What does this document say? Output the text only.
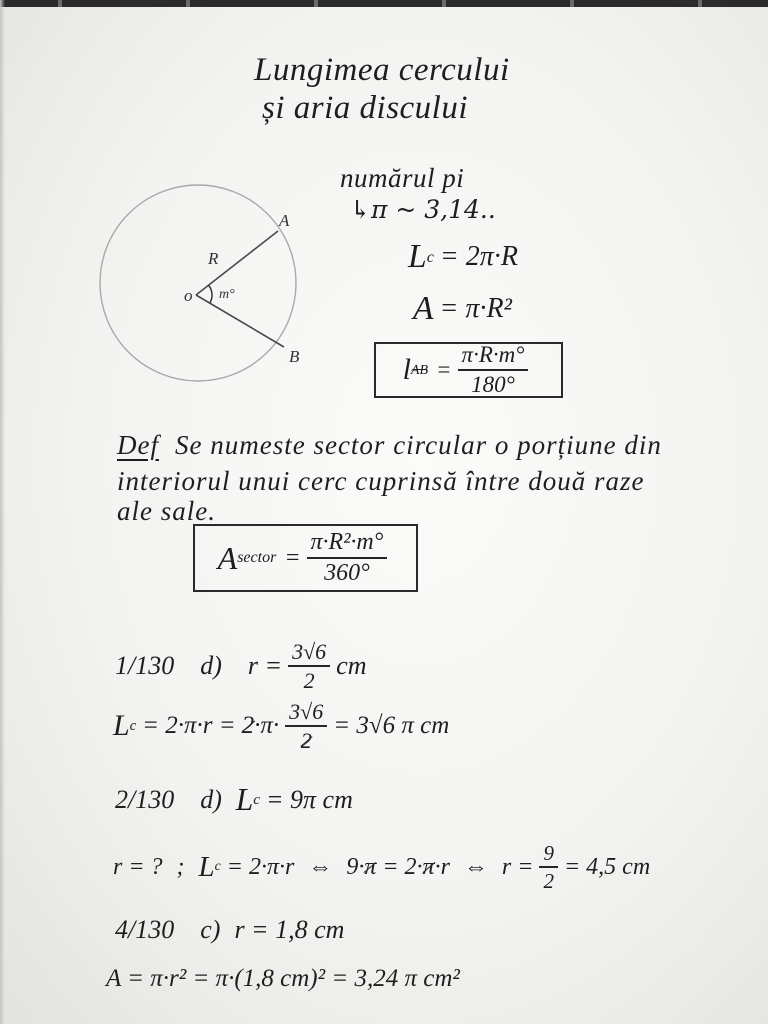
Lungimea cercului
și aria discului
numărul pi
↳π ~ 3,14..
A
B
R
o m°
L c = 2π·R
A = π·R²
l AB = $\frac{\pi\cdot R\cdot m^\circ}{180^\circ}$
Def Se numeste sector circular o porțiune din
interiorul unui cerc cuprinsă între două raze
ale sale.
A sector = $\frac{\text{π·R²·m°}}{360^\circ}$
1/130 d) $r = \frac{3√6}{2}$ cm
L $c = 2\cdot\pi\cdot r = 2 \cdot\pi\cdot \frac{3√6}{2} = 3√6$ π cm
2/130 d) L c = 9π cm
r = ? ; L c = 2·π·r ⇔ 9· π = 2· π ·r ⇔ $r = \frac{9}{2} = 4,5$ cm
4/130 c) r = 1,8 cm
A = π·r² = π·(1,8 cm)² = 3,24 π cm²
